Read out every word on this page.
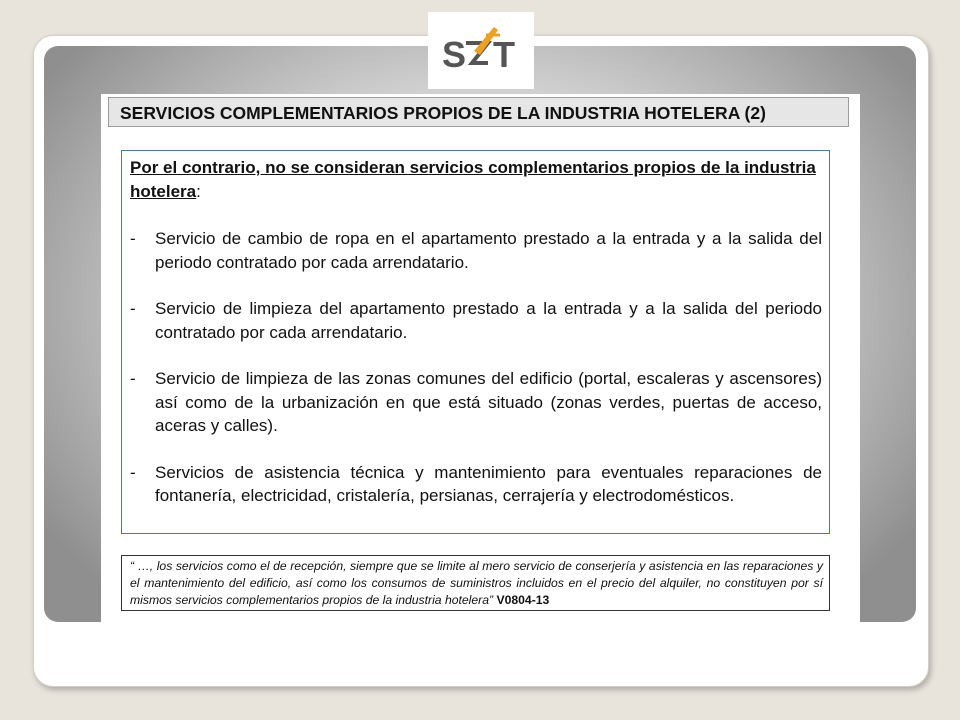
S T
SERVICIOS COMPLEMENTARIOS PROPIOS DE LA INDUSTRIA HOTELERA (2)

Por el contrario, no se consideran servicios complementarios propios de la industria hotelera:

-	Servicio de cambio de ropa en el apartamento prestado a la entrada y a la salida del periodo contratado por cada arrendatario.
-	Servicio de limpieza del apartamento prestado a la entrada y a la salida del periodo contratado por cada arrendatario.
-	Servicio de limpieza de las zonas comunes del edificio (portal, escaleras y ascensores) así como de la urbanización en que está situado (zonas verdes, puertas de acceso, aceras y calles).
-	Servicios de asistencia técnica y mantenimiento para eventuales reparaciones de fontanería, electricidad, cristalería, persianas, cerrajería y electrodomésticos.
“ …, los servicios como el de recepción, siempre que se limite al mero servicio de conserjería y asistencia en las reparaciones y el mantenimiento del edificio, así como los consumos de suministros incluidos en el precio del alquiler, no constituyen por sí mismos servicios complementarios propios de la industria hotelera” V0804-13
